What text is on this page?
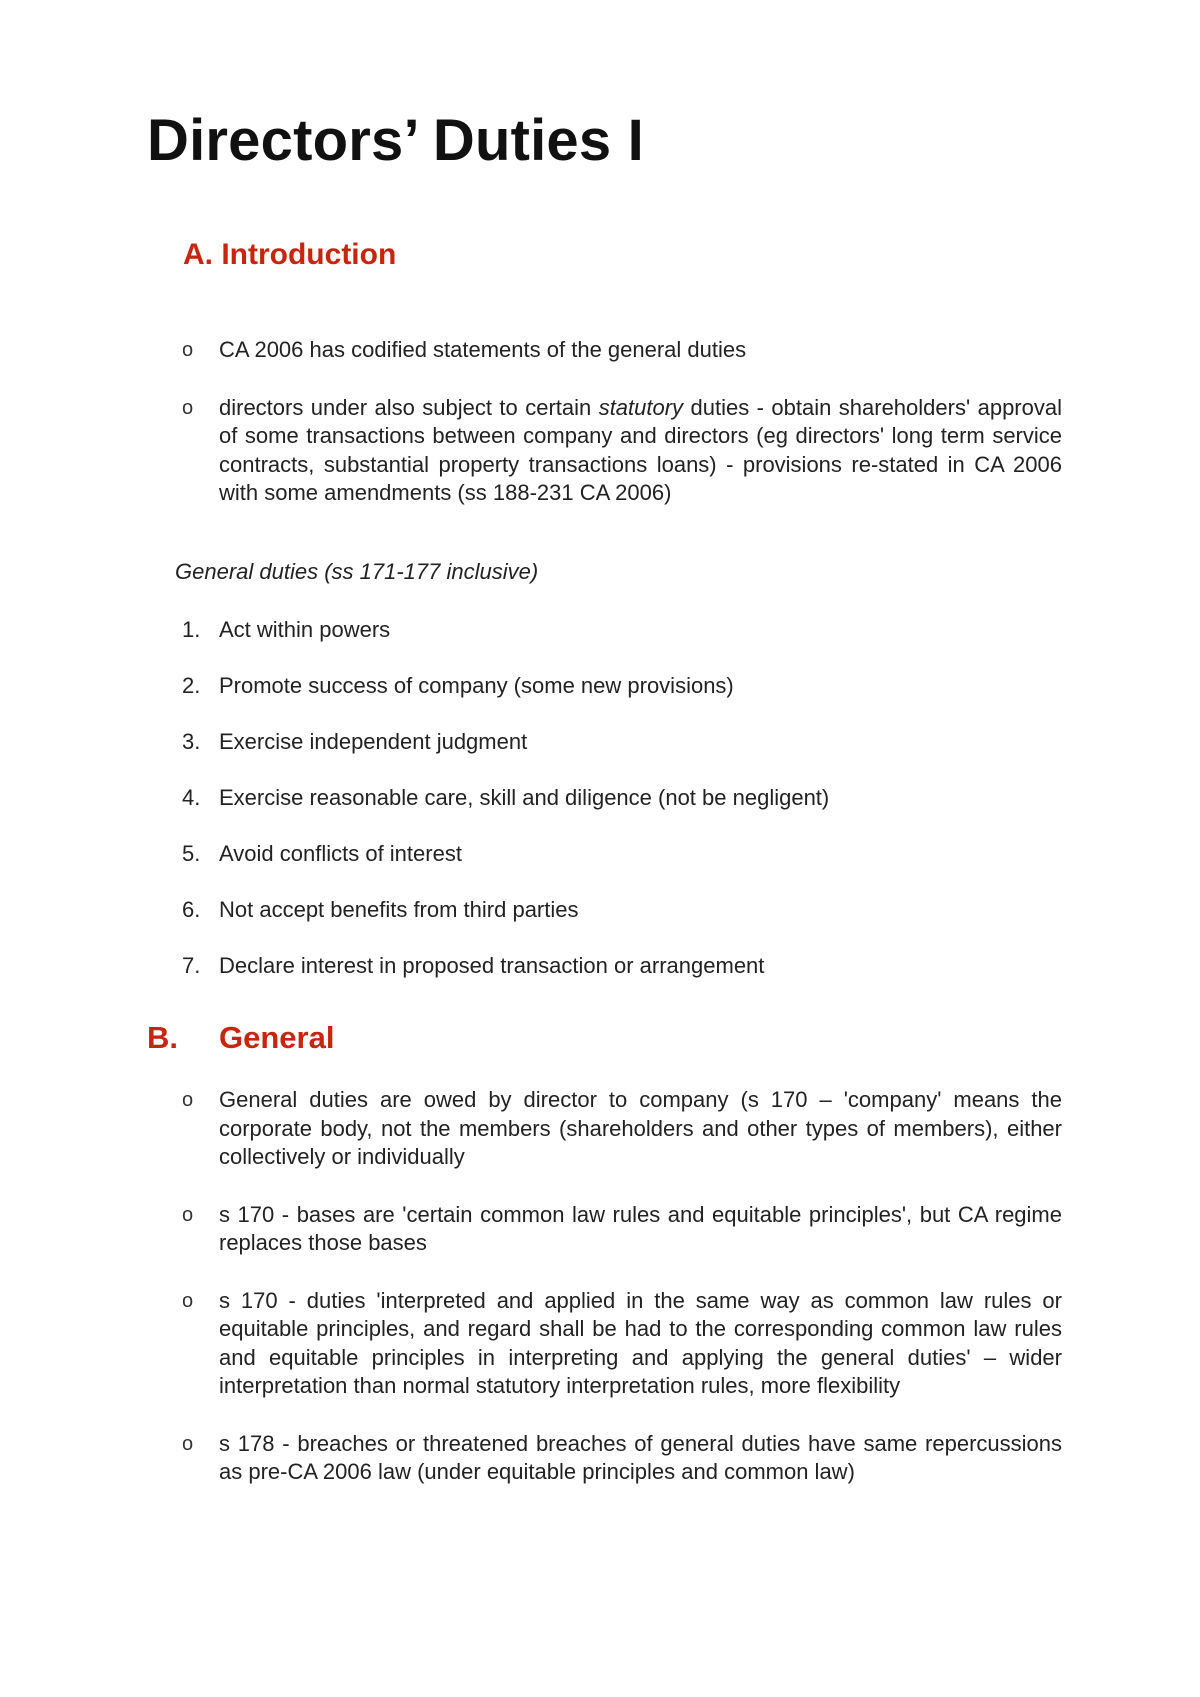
Directors’ Duties I
A. Introduction
o CA 2006 has codified statements of the general duties
o directors under also subject to certain statutory duties - obtain shareholders' approval of some transactions between company and directors (eg directors' long term service contracts, substantial property transactions loans) - provisions re-stated in CA 2006 with some amendments (ss 188-231 CA 2006)

General duties (ss 171-177 inclusive)

1. Act within powers
2. Promote success of company (some new provisions)
3. Exercise independent judgment
4. Exercise reasonable care, skill and diligence (not be negligent)
5. Avoid conflicts of interest
6. Not accept benefits from third parties
7. Declare interest in proposed transaction or arrangement
B. General
o General duties are owed by director to company (s 170 – 'company' means the corporate body, not the members (shareholders and other types of members), either collectively or individually
o s 170 - bases are 'certain common law rules and equitable principles', but CA regime replaces those bases
o s 170 - duties 'interpreted and applied in the same way as common law rules or equitable principles, and regard shall be had to the corresponding common law rules and equitable principles in interpreting and applying the general duties' – wider interpretation than normal statutory interpretation rules, more flexibility
o s 178 - breaches or threatened breaches of general duties have same repercussions as pre-CA 2006 law (under equitable principles and common law)
